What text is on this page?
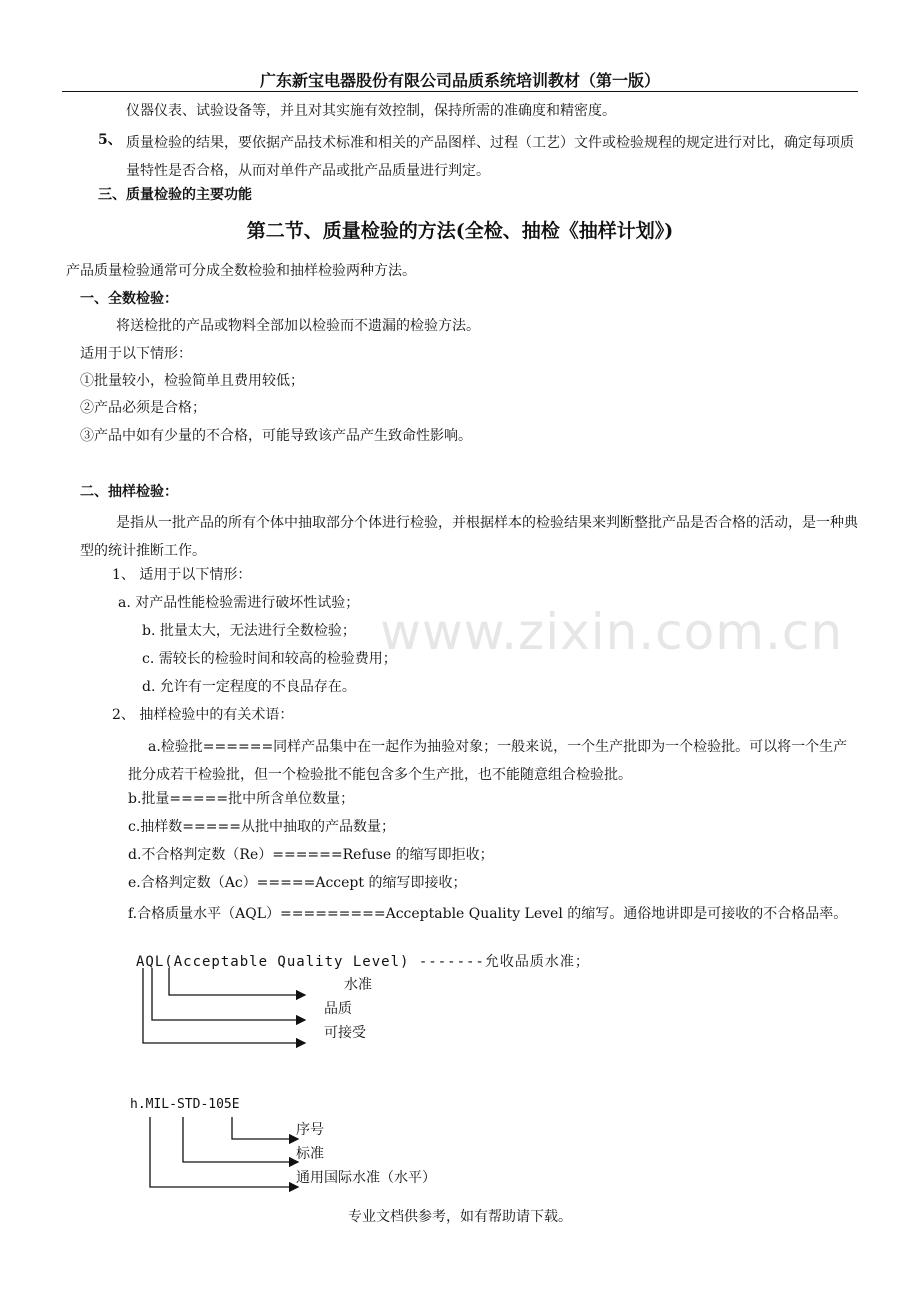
www.zixin.com.cn
广东新宝电器股份有限公司品质系统培训教材（第一版）
仪器仪表、试验设备等，并且对其实施有效控制，保持所需的准确度和精密度。
5、 质量检验的结果，要依据产品技术标准和相关的产品图样、过程（工艺）文件或检验规程的规定进行对比，确定每项质量特性是否合格，从而对单件产品或批产品质量进行判定。
三、质量检验的主要功能
第二节、质量检验的方法(全检、抽检《抽样计划》)
产品质量检验通常可分成全数检验和抽样检验两种方法。
一、全数检验：
将送检批的产品或物料全部加以检验而不遗漏的检验方法。
适用于以下情形：
①批量较小，检验简单且费用较低；
②产品必须是合格；
③产品中如有少量的不合格，可能导致该产品产生致命性影响。
二、抽样检验：
是指从一批产品的所有个体中抽取部分个体进行检验，并根据样本的检验结果来判断整批产品是否合格的活动，是一种典型的统计推断工作。
1、 适用于以下情形：
a. 对产品性能检验需进行破坏性试验；
b. 批量太大，无法进行全数检验；
c. 需较长的检验时间和较高的检验费用；
d. 允许有一定程度的不良品存在。
2、 抽样检验中的有关术语：
a.检验批======同样产品集中在一起作为抽验对象；一般来说，一个生产批即为一个检验批。可以将一个生产批分成若干检验批，但一个检验批不能包含多个生产批，也不能随意组合检验批。
b.批量=====批中所含单位数量；
c.抽样数=====从批中抽取的产品数量；
d.不合格判定数（Re）======Refuse 的缩写即拒收；
e.合格判定数（Ac）=====Accept 的缩写即接收；
f.合格质量水平（AQL）=========Acceptable Quality Level 的缩写。通俗地讲即是可接收的不合格品率。
AQL(Acceptable Quality Level) -------允收品质水准；
水准
品质
可接受
h.MIL-STD-105E
序号
标准
通用国际水准（水平）
专业文档供参考，如有帮助请下载。
